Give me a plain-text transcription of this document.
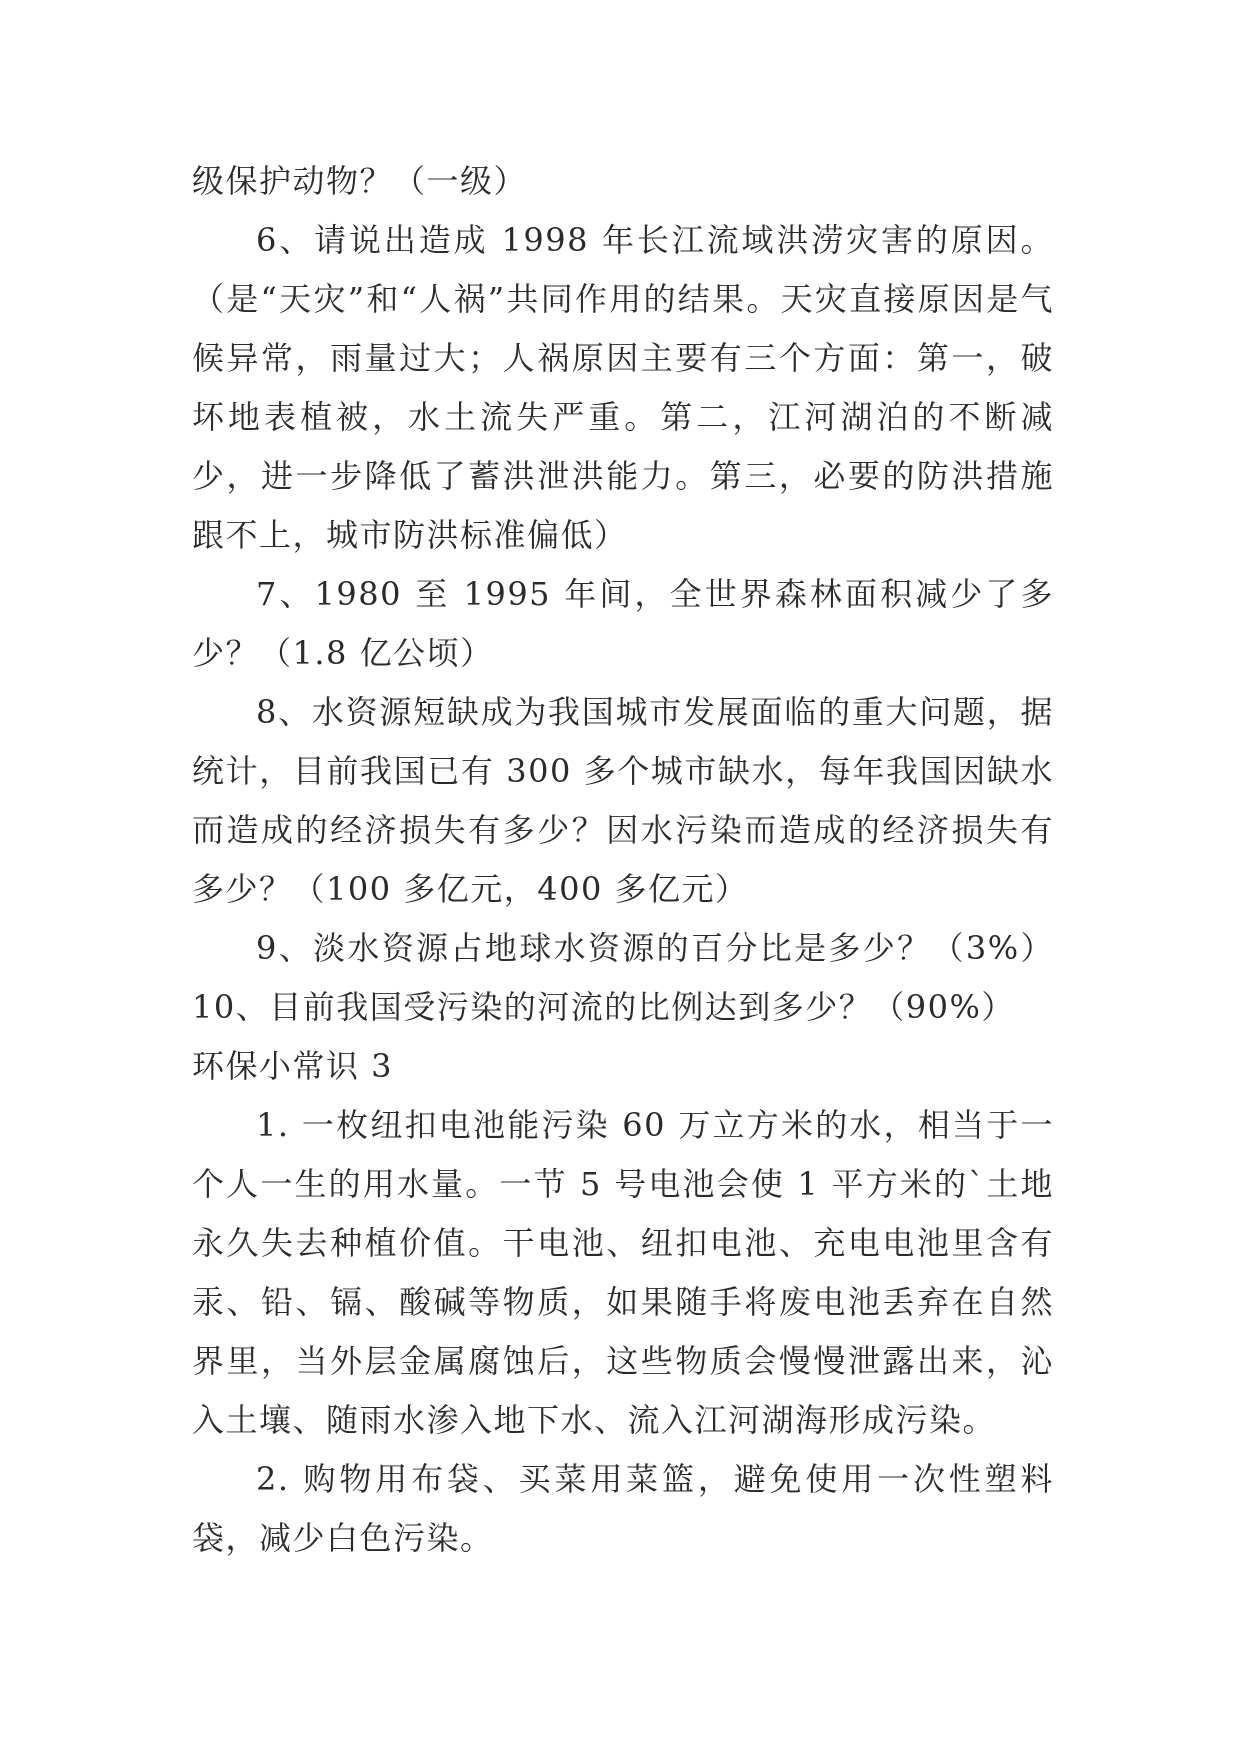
级保护动物？（一级）

6、请说出造成 1998 年长江流域洪涝灾害的原因。（是“天灾”和“人祸”共同作用的结果。天灾直接原因是气候异常，雨量过大；人祸原因主要有三个方面：第一，破坏地表植被，水土流失严重。第二，江河湖泊的不断减少，进一步降低了蓄洪泄洪能力。第三，必要的防洪措施跟不上，城市防洪标准偏低）

7、1980 至 1995 年间，全世界森林面积减少了多少？（1.8 亿公顷）

8、水资源短缺成为我国城市发展面临的重大问题，据统计，目前我国已有 300 多个城市缺水，每年我国因缺水而造成的经济损失有多少？因水污染而造成的经济损失有多少？（100 多亿元，400 多亿元）

9、淡水资源占地球水资源的百分比是多少？（3%） 10、目前我国受污染的河流的比例达到多少？（90%）

环保小常识 3

1. 一枚纽扣电池能污染 60 万立方米的水，相当于一个人一生的用水量。一节 5 号电池会使 1 平方米的`土地永久失去种植价值。干电池、纽扣电池、充电电池里含有汞、铅、镉、酸碱等物质，如果随手将废电池丢弃在自然界里，当外层金属腐蚀后，这些物质会慢慢泄露出来，沁入土壤、随雨水渗入地下水、流入江河湖海形成污染。

2. 购物用布袋、买菜用菜篮，避免使用一次性塑料袋，减少白色污染。
